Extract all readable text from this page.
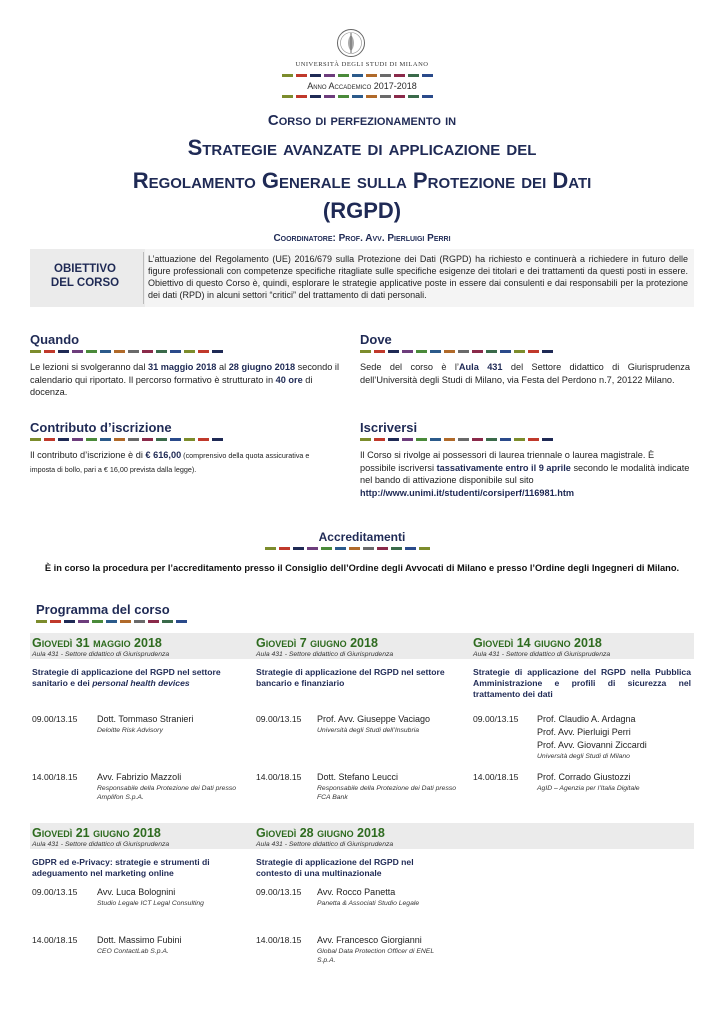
UNIVERSITÀ DEGLI STUDI DI MILANO
Anno Accademico 2017-2018
Corso di perfezionamento in
Strategie avanzate di applicazione del
Regolamento Generale sulla Protezione dei Dati
(RGPD)
Coordinatore: Prof. Avv. Pierluigi Perri
OBIETTIVO
DEL CORSO
L’attuazione del Regolamento (UE) 2016/679 sulla Protezione dei Dati (RGPD) ha richiesto e continuerà a richiedere in futuro delle figure professionali con competenze specifiche ritagliate sulle specifiche esigenze dei titolari e dei trattamenti da questi posti in essere. Obiettivo di questo Corso è, quindi, esplorare le strategie applicative poste in essere dai consulenti e dai responsabili per la protezione dei dati (RPD) in alcuni settori “critici” del trattamento di dati personali.
Quando
Le lezioni si svolgeranno dal 31 maggio 2018 al 28 giugno 2018 secondo il calendario qui riportato. Il percorso formativo è strutturato in 40 ore di docenza.
Dove
Sede del corso è l’Aula 431 del Settore didattico di Giurisprudenza dell’Università degli Studi di Milano, via Festa del Perdono n.7, 20122 Milano.
Contributo d’iscrizione
Il contributo d’iscrizione è di € 616,00 (comprensivo della quota assicurativa e imposta di bollo, pari a € 16,00 prevista dalla legge).
Iscriversi
Il Corso si rivolge ai possessori di laurea triennale o laurea magistrale. È possibile iscriversi tassativamente entro il 9 aprile secondo le modalità indicate nel bando di attivazione disponibile sul sito
http://www.unimi.it/studenti/corsiperf/116981.htm
Accreditamenti
È in corso la procedura per l’accreditamento presso il Consiglio dell’Ordine degli Avvocati di Milano e presso l’Ordine degli Ingegneri di Milano.
Programma del corso
Giovedì 31 maggio 2018
Aula 431 - Settore didattico di Giurisprudenza
Strategie di applicazione del RGPD nel settore sanitario e dei personal health devices
09.00/13.15 Dott. Tommaso Stranieri
Deloitte Risk Advisory
14.00/18.15 Avv. Fabrizio Mazzoli
Responsabile della Protezione dei Dati presso Amplifon S.p.A.
Giovedì 7 giugno 2018
Aula 431 - Settore didattico di Giurisprudenza
Strategie di applicazione del RGPD nel settore bancario e finanziario
09.00/13.15 Prof. Avv. Giuseppe Vaciago
Università degli Studi dell’Insubria
14.00/18.15 Dott. Stefano Leucci
Responsabile della Protezione dei Dati presso FCA Bank
Giovedì 14 giugno 2018
Aula 431 - Settore didattico di Giurisprudenza
Strategie di applicazione del RGPD nella Pubblica Amministrazione e profili di sicurezza nel trattamento dei dati
09.00/13.15 Prof. Claudio A. Ardagna
Prof. Avv. Pierluigi Perri
Prof. Avv. Giovanni Ziccardi
Università degli Studi di Milano
14.00/18.15 Prof. Corrado Giustozzi
AgID – Agenzia per l’Italia Digitale
Giovedì 21 giugno 2018
Aula 431 - Settore didattico di Giurisprudenza
GDPR ed e-Privacy: strategie e strumenti di adeguamento nel marketing online
09.00/13.15 Avv. Luca Bolognini
Studio Legale ICT Legal Consulting
14.00/18.15 Dott. Massimo Fubini
CEO ContactLab S.p.A.
Giovedì 28 giugno 2018
Aula 431 - Settore didattico di Giurisprudenza
Strategie di applicazione del RGPD nel contesto di una multinazionale
09.00/13.15 Avv. Rocco Panetta
Panetta & Associati Studio Legale
14.00/18.15 Avv. Francesco Giorgianni
Global Data Protection Officer di ENEL S.p.A.
